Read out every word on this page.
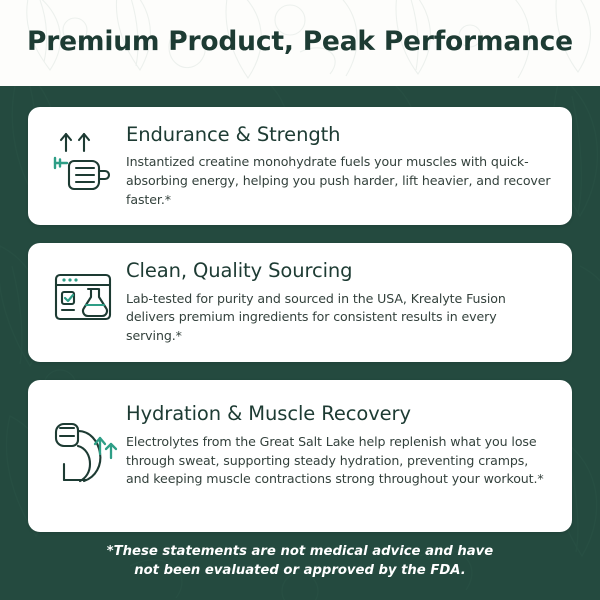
Premium Product, Peak Performance
Endurance & Strength
Instantized creatine monohydrate fuels your muscles with quick-absorbing energy, helping you push harder, lift heavier, and recover faster.*
Clean, Quality Sourcing
Lab-tested for purity and sourced in the USA, Krealyte Fusion delivers premium ingredients for consistent results in every serving.*
Hydration & Muscle Recovery
Electrolytes from the Great Salt Lake help replenish what you lose through sweat, supporting steady hydration, preventing cramps, and keeping muscle contractions strong throughout your workout.*
*These statements are not medical advice and have
not been evaluated or approved by the FDA.
